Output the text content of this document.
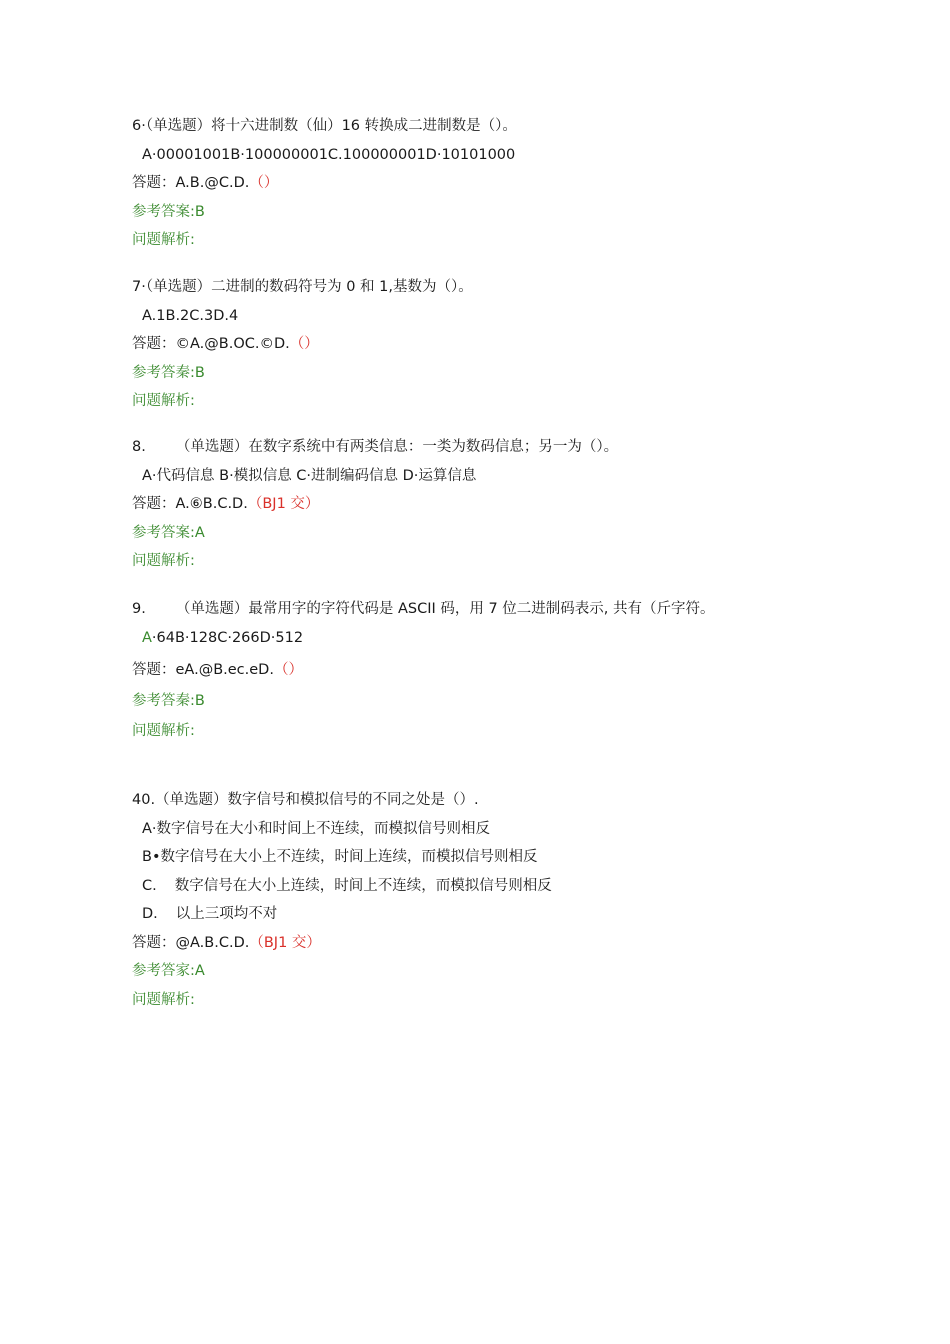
6·（单选题）将十六进制数（仙）16 转换成二进制数是（）。
A·00001001B·100000001C.100000001D·10101000
答题：A.B.@C.D.（）
参考答案:B
问题解析:
7·（单选题）二进制的数码符号为 0 和 1,基数为（）。
A.1B.2C.3D.4
答题：©A.@B.OC.©D.（）
参考答秦:B
问题解析:
8. （单选题）在数字系统中有两类信息：一类为数码信息；另一为（）。
A·代码信息 B·模拟信息 C·进制编码信息 D·运算信息
答题：A.⑥B.C.D.（BJ1 交）
参考答案:A
问题解析:
9. （单选题）最常用字的字符代码是 ASCII 码，用 7 位二进制码表示, 共有（斤字符。
A·64B·128C·266D·512
答题：eA.@B.ec.eD.（）
参考答秦:B
问题解析:
40.（单选题）数字信号和模拟信号的不同之处是（）.
A·数字信号在大小和时间上不连续，而模拟信号则相反
B•数字信号在大小上不连续，时间上连续，而模拟信号则相反
C. 数字信号在大小上连续，时间上不连续，而模拟信号则相反
D. 以上三项均不对
答题：@A.B.C.D.（BJ1 交）
参考答家:A
问题解析:
